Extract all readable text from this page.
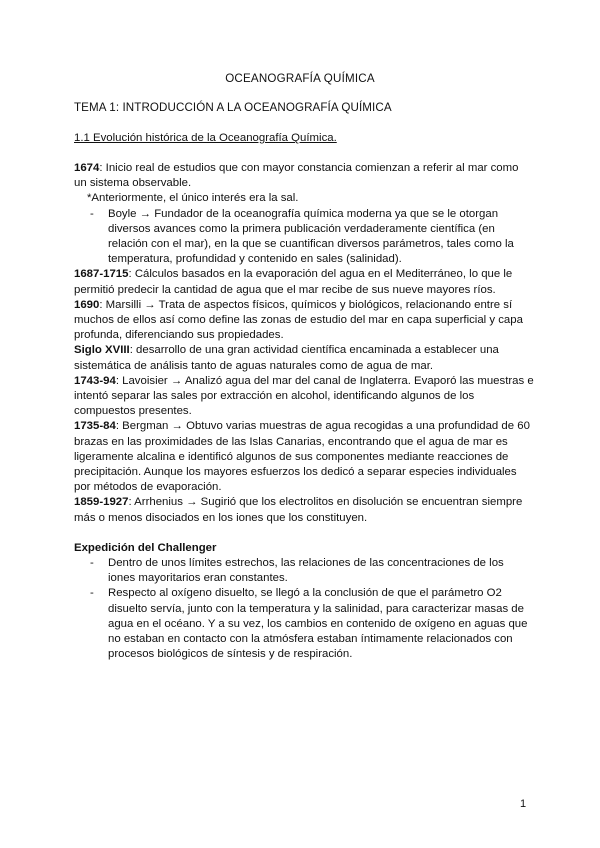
OCEANOGRAFÍA QUÍMICA
TEMA 1: INTRODUCCIÓN A LA OCEANOGRAFÍA QUÍMICA
1.1 Evolución histórica de la Oceanografía Química.

1674: Inicio real de estudios que con mayor constancia comienzan a referir al mar como un sistema observable.

*Anteriormente, el único interés era la sal.

- Boyle → Fundador de la oceanografía química moderna ya que se le otorgan diversos avances como la primera publicación verdaderamente científica (en relación con el mar), en la que se cuantifican diversos parámetros, tales como la temperatura, profundidad y contenido en sales (salinidad).

1687-1715: Cálculos basados en la evaporación del agua en el Mediterráneo, lo que le permitió predecir la cantidad de agua que el mar recibe de sus nueve mayores ríos.

1690: Marsilli → Trata de aspectos físicos, químicos y biológicos, relacionando entre sí muchos de ellos así como define las zonas de estudio del mar en capa superficial y capa profunda, diferenciando sus propiedades.

Siglo XVIII: desarrollo de una gran actividad científica encaminada a establecer una sistemática de análisis tanto de aguas naturales como de agua de mar.

1743-94: Lavoisier → Analizó agua del mar del canal de Inglaterra. Evaporó las muestras e intentó separar las sales por extracción en alcohol, identificando algunos de los compuestos presentes.

1735-84: Bergman → Obtuvo varias muestras de agua recogidas a una profundidad de 60 brazas en las proximidades de las Islas Canarias, encontrando que el agua de mar es ligeramente alcalina e identificó algunos de sus componentes mediante reacciones de precipitación. Aunque los mayores esfuerzos los dedicó a separar especies individuales por métodos de evaporación.

1859-1927: Arrhenius → Sugirió que los electrolitos en disolución se encuentran siempre más o menos disociados en los iones que los constituyen.

Expedición del Challenger

- Dentro de unos límites estrechos, las relaciones de las concentraciones de los iones mayoritarios eran constantes.

- Respecto al oxígeno disuelto, se llegó a la conclusión de que el parámetro O2 disuelto servía, junto con la temperatura y la salinidad, para caracterizar masas de agua en el océano. Y a su vez, los cambios en contenido de oxígeno en aguas que no estaban en contacto con la atmósfera estaban íntimamente relacionados con procesos biológicos de síntesis y de respiración.

1
